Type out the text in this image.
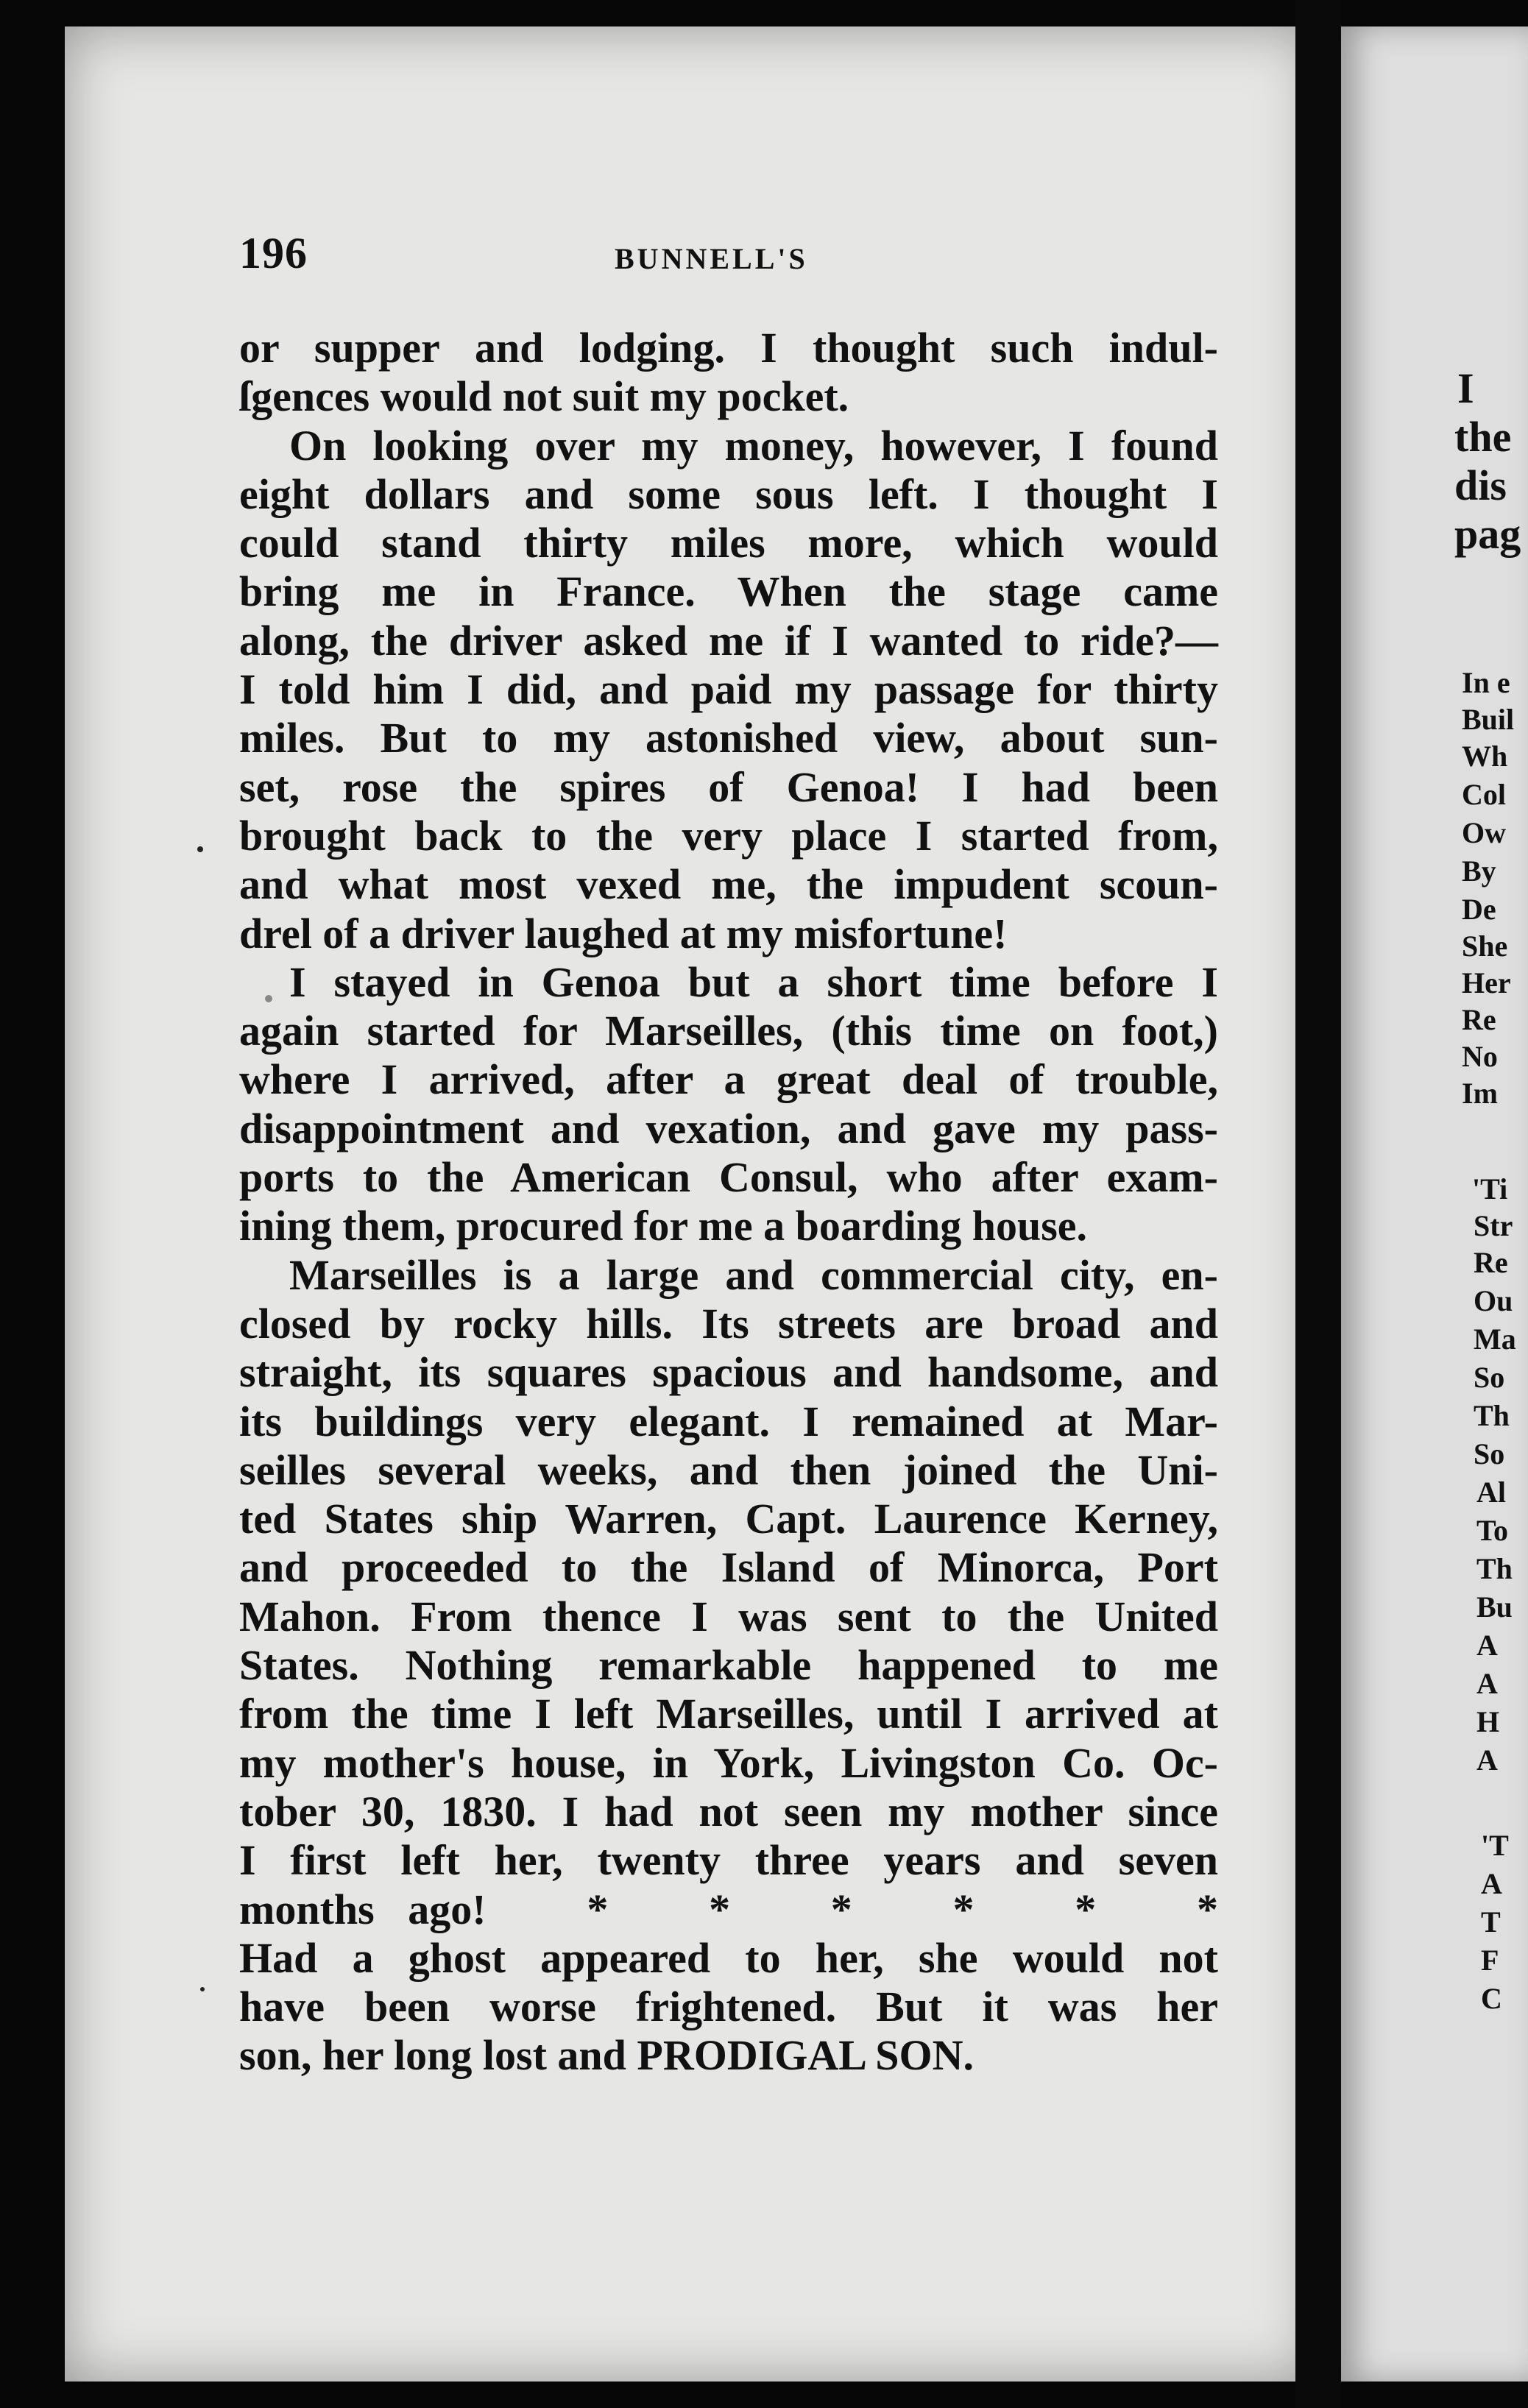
I
the
dis
pag
In e
Buil
Wh
Col
Ow
By
De
She
Her
Re
No
Im
'Ti
Str
Re
Ou
Ma
So
Th
So
Al
To
Th
Bu
A
A
H
A
'T
A
T
F
C
196	BUNNELL'S
or supper and lodging. I thought such indul-
ſgences would not suit my pocket.
On looking over my money, however, I found
eight dollars and some sous left. I thought I
could stand thirty miles more, which would
bring me in France. When the stage came
along, the driver asked me if I wanted to ride?—
I told him I did, and paid my passage for thirty
miles. But to my astonished view, about sun-
set, rose the spires of Genoa! I had been
brought back to the very place I started from,
and what most vexed me, the impudent scoun-
drel of a driver laughed at my misfortune!
I stayed in Genoa but a short time before I
again started for Marseilles, (this time on foot,)
where I arrived, after a great deal of trouble,
disappointment and vexation, and gave my pass-
ports to the American Consul, who after exam-
ining them, procured for me a boarding house.
Marseilles is a large and commercial city, en-
closed by rocky hills. Its streets are broad and
straight, its squares spacious and handsome, and
its buildings very elegant. I remained at Mar-
seilles several weeks, and then joined the Uni-
ted States ship Warren, Capt. Laurence Kerney,
and proceeded to the Island of Minorca, Port
Mahon. From thence I was sent to the United
States. Nothing remarkable happened to me
from the time I left Marseilles, until I arrived at
my mother's house, in York, Livingston Co. Oc-
tober 30, 1830. I had not seen my mother since
I first left her, twenty three years and seven
months ago!   *   *   *   *   *   *
Had a ghost appeared to her, she would not
have been worse frightened. But it was her
son, her long lost and PRODIGAL SON.
